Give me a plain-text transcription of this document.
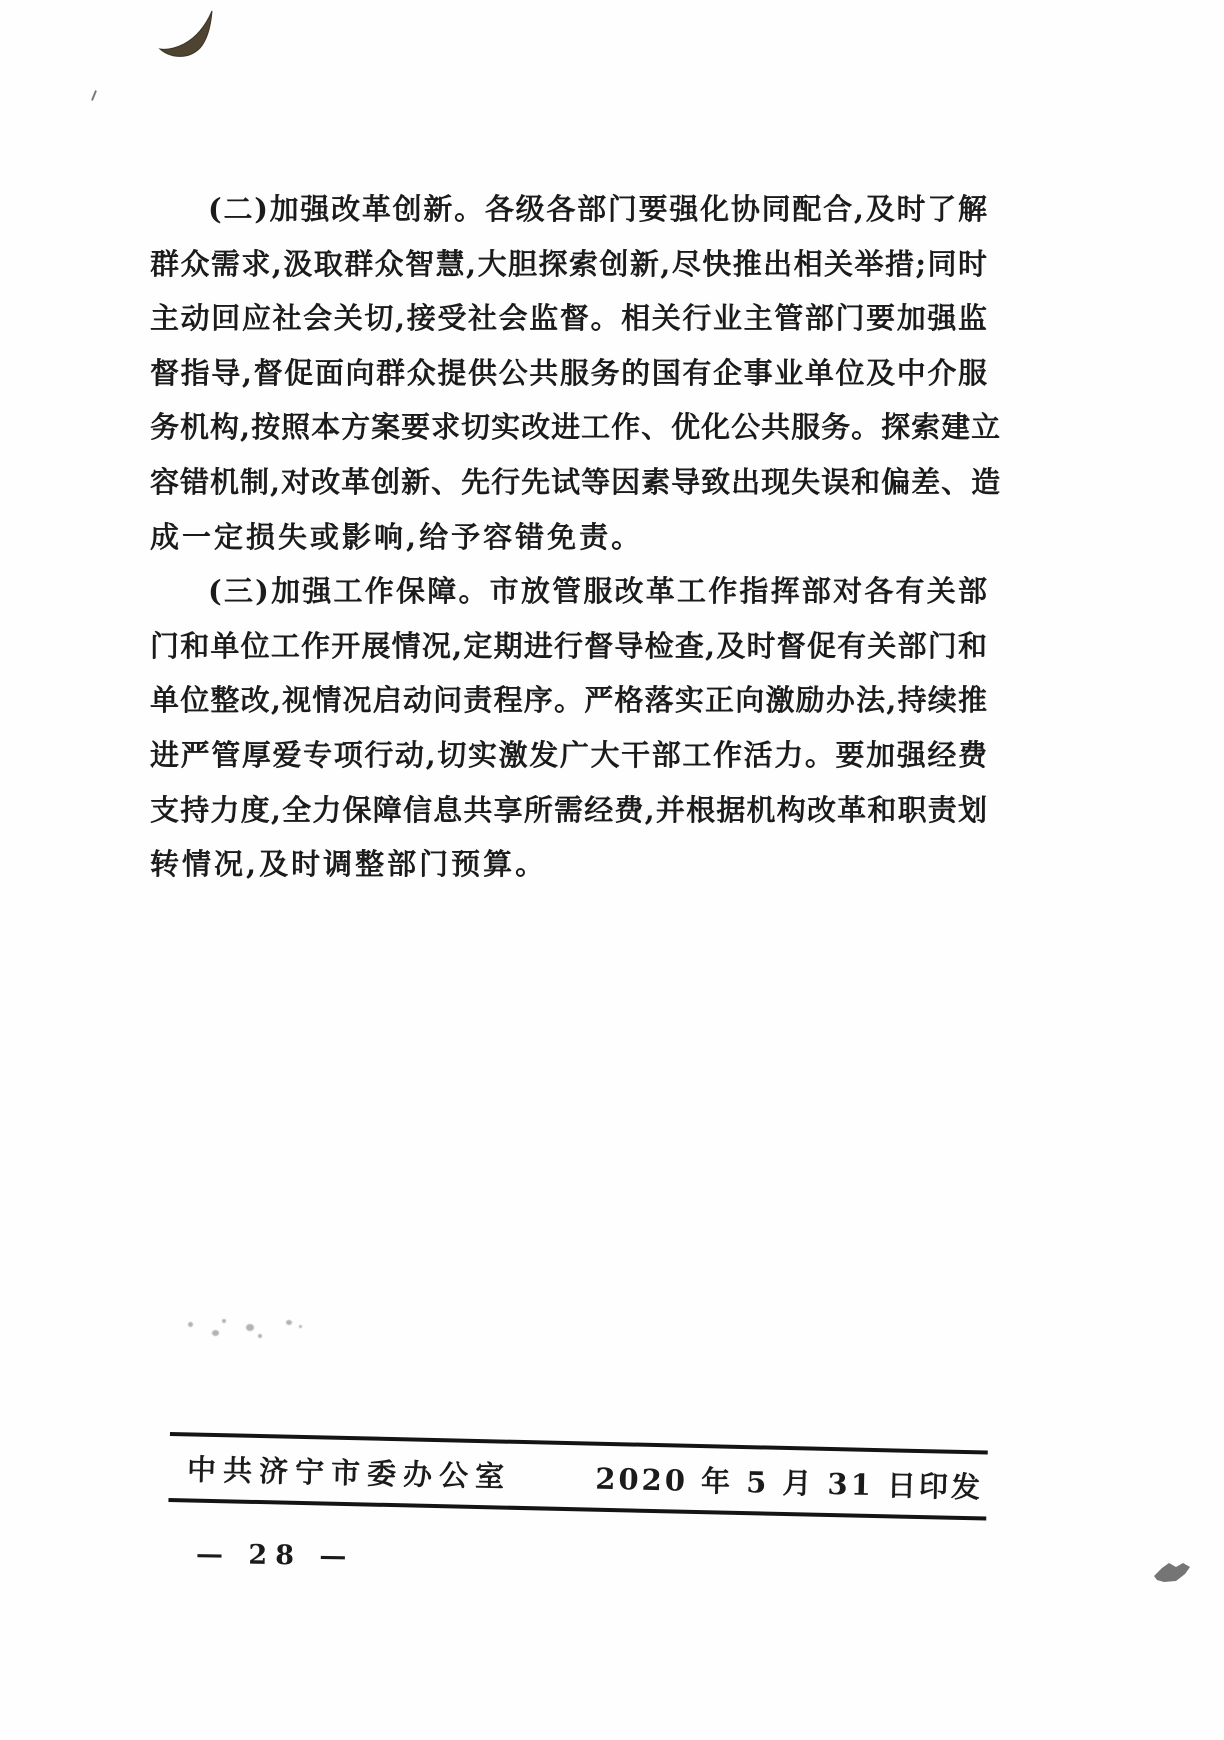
(二)加强改革创新。各级各部门要强化协同配合,及时了解

群众需求,汲取群众智慧,大胆探索创新,尽快推出相关举措;同时

主动回应社会关切,接受社会监督。相关行业主管部门要加强监

督指导,督促面向群众提供公共服务的国有企事业单位及中介服

务机构,按照本方案要求切实改进工作、优化公共服务。探索建立

容错机制,对改革创新、先行先试等因素导致出现失误和偏差、造

成一定损失或影响,给予容错免责。

(三)加强工作保障。市放管服改革工作指挥部对各有关部

门和单位工作开展情况,定期进行督导检查,及时督促有关部门和

单位整改,视情况启动问责程序。严格落实正向激励办法,持续推

进严管厚爱专项行动,切实激发广大干部工作活力。要加强经费

支持力度,全力保障信息共享所需经费,并根据机构改革和职责划

转情况,及时调整部门预算。

中共济宁市委办公室	2020 年 5 月 31 日印发
— 28 —
